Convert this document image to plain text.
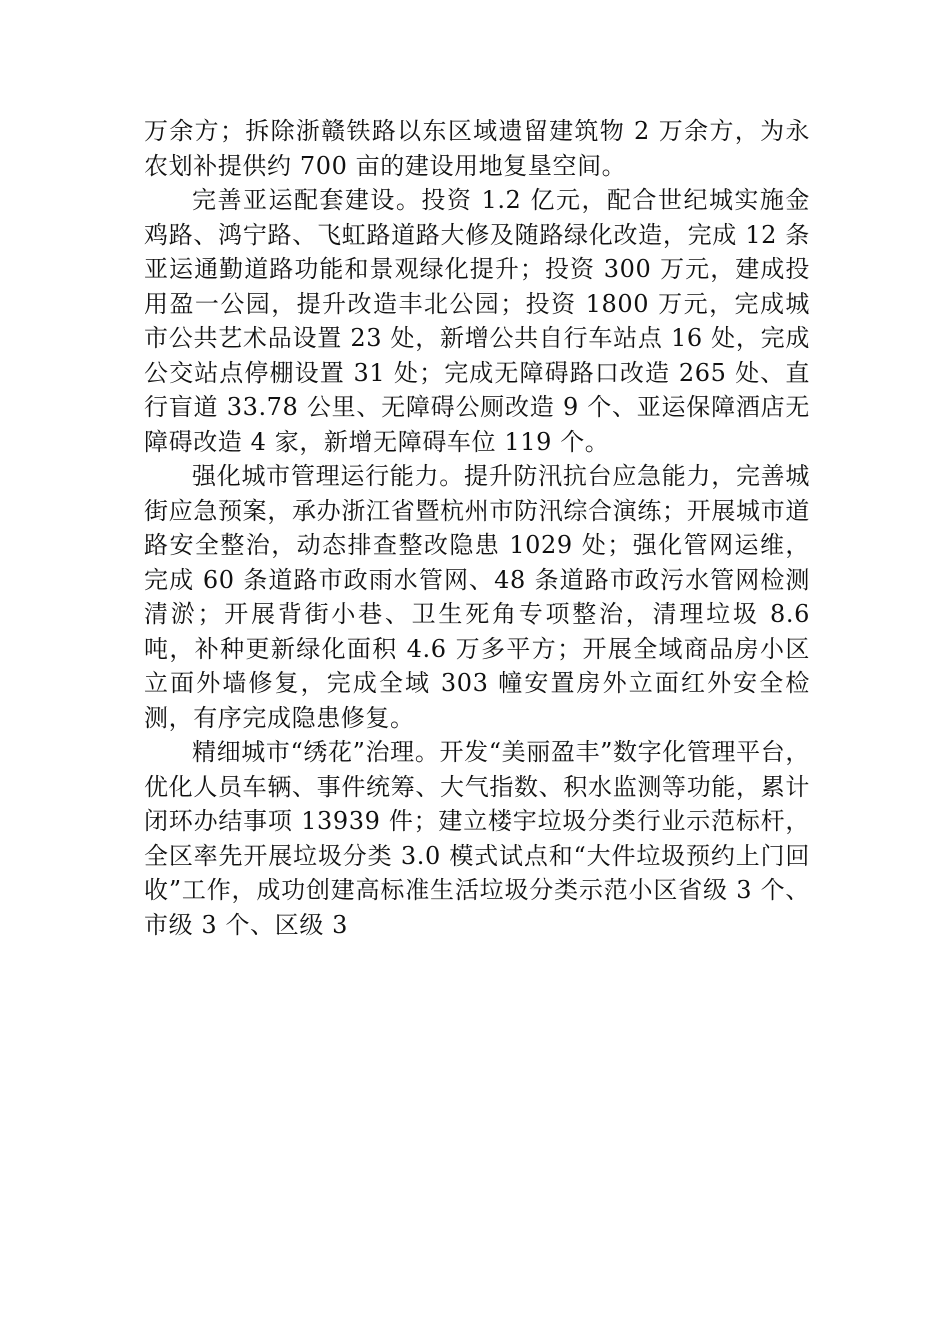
万余方；拆除浙赣铁路以东区域遗留建筑物 2 万余方，为永农划补提供约 700 亩的建设用地复垦空间。

完善亚运配套建设。投资 1.2 亿元，配合世纪城实施金鸡路、鸿宁路、飞虹路道路大修及随路绿化改造，完成 12 条亚运通勤道路功能和景观绿化提升；投资 300 万元，建成投用盈一公园，提升改造丰北公园；投资 1800 万元，完成城市公共艺术品设置 23 处，新增公共自行车站点 16 处，完成公交站点停棚设置 31 处；完成无障碍路口改造 265 处、直行盲道 33.78 公里、无障碍公厕改造 9 个、亚运保障酒店无障碍改造 4 家，新增无障碍车位 119 个。

强化城市管理运行能力。提升防汛抗台应急能力，完善城街应急预案，承办浙江省暨杭州市防汛综合演练；开展城市道路安全整治，动态排查整改隐患 1029 处；强化管网运维，完成 60 条道路市政雨水管网、48 条道路市政污水管网检测清淤；开展背街小巷、卫生死角专项整治，清理垃圾 8.6 吨，补种更新绿化面积 4.6 万多平方；开展全域商品房小区立面外墙修复，完成全域 303 幢安置房外立面红外安全检测，有序完成隐患修复。

精细城市“绣花”治理。开发“美丽盈丰”数字化管理平台，优化人员车辆、事件统筹、大气指数、积水监测等功能，累计闭环办结事项 13939 件；建立楼宇垃圾分类行业示范标杆，全区率先开展垃圾分类 3.0 模式试点和“大件垃圾预约上门回收”工作，成功创建高标准生活垃圾分类示范小区省级 3 个、市级 3 个、区级 3
